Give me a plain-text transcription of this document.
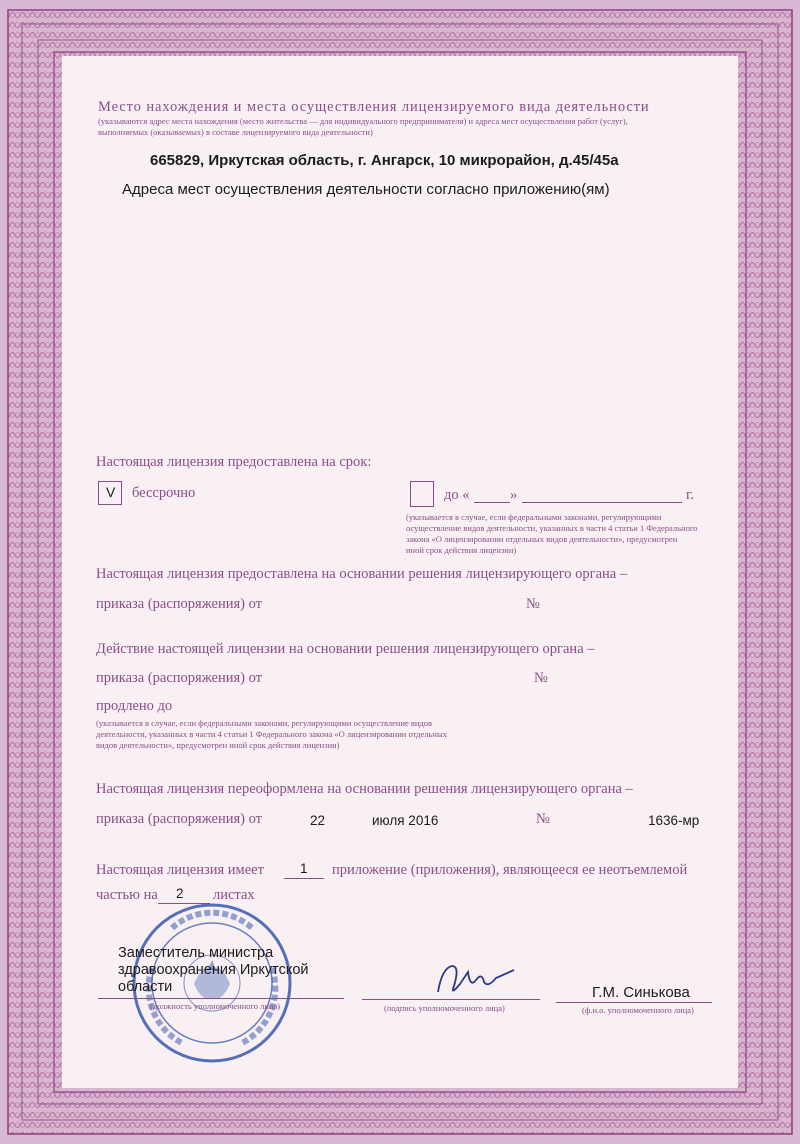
Место нахождения и места осуществления лицензируемого вида деятельности
(указываются адрес места нахождения (место жительства — для индивидуального предпринимателя) и адреса мест осуществления работ (услуг),
выполняемых (оказываемых) в составе лицензируемого вида деятельности)
665829, Иркутская область, г. Ангарск, 10 микрорайон, д.45/45а
Адреса мест осуществления деятельности согласно приложению(ям)
Настоящая лицензия предоставлена на срок:
V бессрочно	до «	»	г.
(указывается в случае, если федеральными законами, регулирующими
осуществление видов деятельности, указанных в части 4 статьи 1 Федерального
закона «О лицензировании отдельных видов деятельности», предусмотрен
иной срок действия лицензии)
Настоящая лицензия предоставлена на основании решения лицензирующего органа –
приказа (распоряжения) от	№
Действие настоящей лицензии на основании решения лицензирующего органа –
приказа (распоряжения) от	№
продлено до
(указывается в случае, если федеральными законами, регулирующими осуществление видов
деятельности, указанных в части 4 статьи 1 Федерального закона «О лицензировании отдельных
видов деятельности», предусмотрен иной срок действия лицензии)
Настоящая лицензия переоформлена на основании решения лицензирующего органа –
приказа (распоряжения) от	22	июля 2016	№	1636-мр
Настоящая лицензия имеет	1 приложение (приложения), являющееся ее неотъемлемой
частью на 2 листах
Заместитель министра
здравоохранения Иркутской
области
(должность уполномоченного лица)	(подпись уполномоченного лица)
Г.М. Синькова
(ф.и.о. уполномоченного лица)
